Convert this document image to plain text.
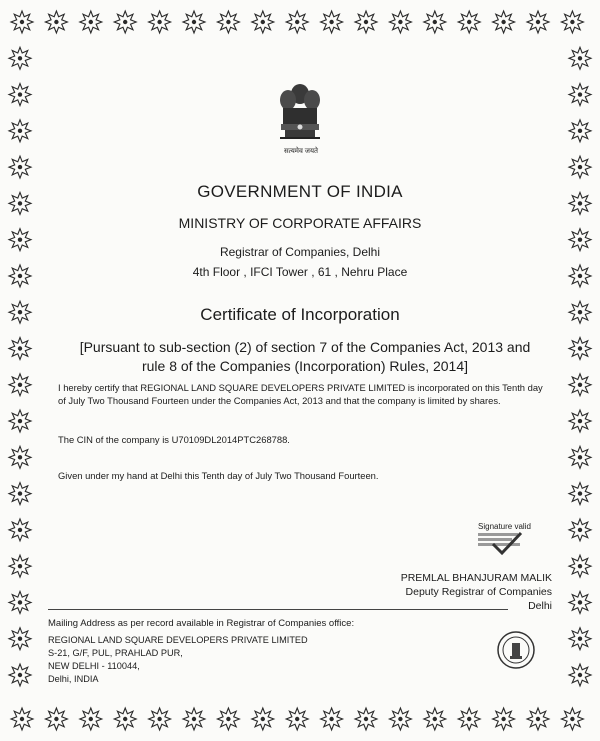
सत्यमेव जयते
GOVERNMENT OF INDIA
MINISTRY OF CORPORATE AFFAIRS
Registrar of Companies, Delhi
4th Floor , IFCI Tower , 61 , Nehru Place
Certificate of Incorporation
[Pursuant to sub-section (2) of section 7 of the Companies Act, 2013 and
rule 8 of the Companies (Incorporation) Rules, 2014]
I hereby certify that REGIONAL LAND SQUARE DEVELOPERS PRIVATE LIMITED is incorporated on this Tenth day of July Two Thousand Fourteen under the Companies Act, 2013 and that the company is limited by shares.
The CIN of the company is U70109DL2014PTC268788.
Given under my hand at Delhi this Tenth day of July Two Thousand Fourteen.
Signature valid
PREMLAL BHANJURAM MALIK
Deputy Registrar of Companies
Delhi
Mailing Address as per record available in Registrar of Companies office:
REGIONAL LAND SQUARE DEVELOPERS PRIVATE LIMITED
S-21, G/F, PUL, PRAHLAD PUR,
NEW DELHI - 110044,
Delhi, INDIA
